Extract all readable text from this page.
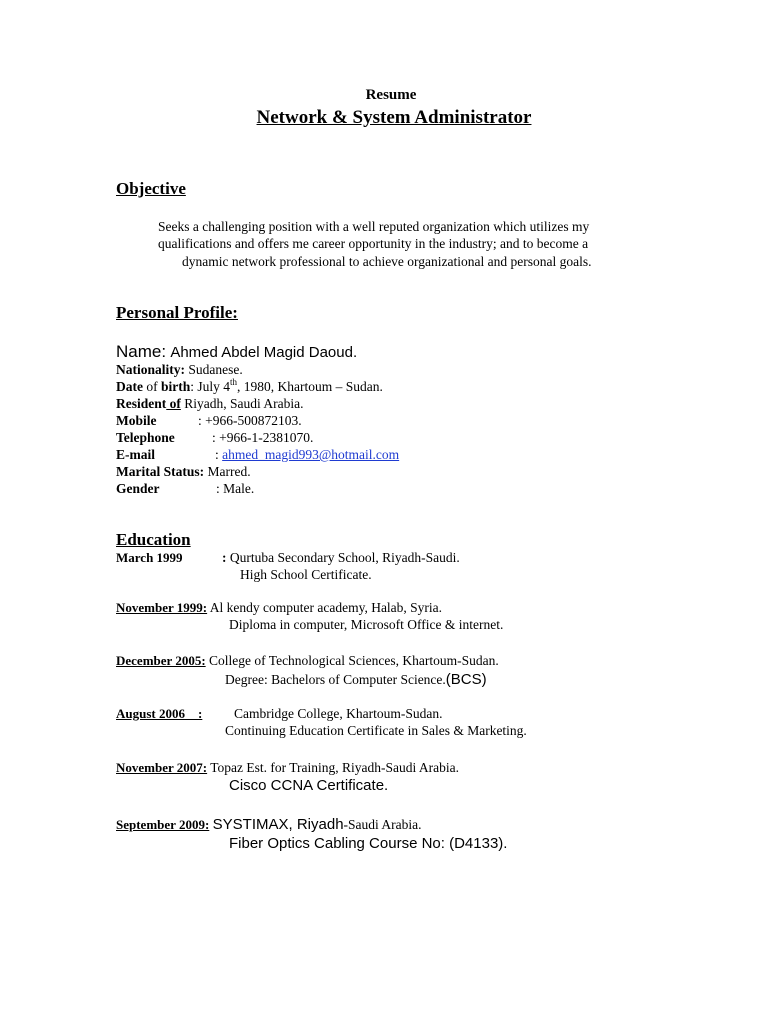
Resume
Network & System Administrator
Objective
Seeks a challenging position with a well reputed organization which utilizes my
qualifications and offers me career opportunity in the industry; and to become a
dynamic network professional to achieve organizational and personal goals.
Personal Profile:
Name: Ahmed Abdel Magid Daoud.
Nationality: Sudanese.
Date of birth: July 4th, 1980, Khartoum – Sudan.
Resident of Riyadh, Saudi Arabia.
Mobile	: +966-500872103.
Telephone	: +966-1-2381070.
E-mail	: ahmed_magid993@hotmail.com
Marital Status: Marred.
Gender	: Male.
Education
March 1999	: Qurtuba Secondary School, Riyadh-Saudi.
High School Certificate.
November 1999: Al kendy computer academy, Halab, Syria.
Diploma in computer, Microsoft Office & internet.
December 2005: College of Technological Sciences, Khartoum-Sudan.
Degree: Bachelors of Computer Science.(BCS)
August 2006    : Cambridge College, Khartoum-Sudan.
Continuing Education Certificate in Sales & Marketing.
November 2007: Topaz Est. for Training, Riyadh-Saudi Arabia.
Cisco CCNA Certificate.
September 2009: SYSTIMAX, Riyadh-Saudi Arabia.
Fiber Optics Cabling Course No: (D4133).
